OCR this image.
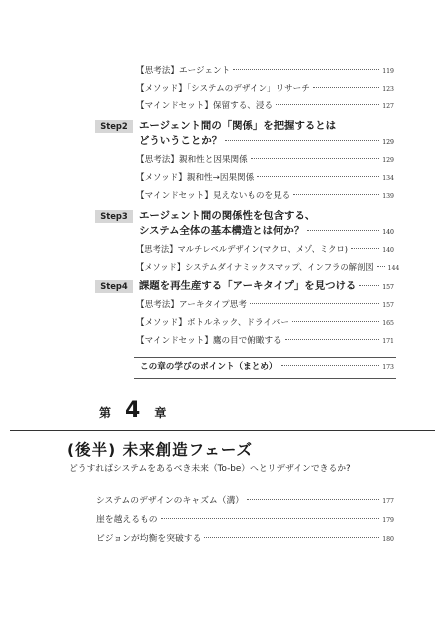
【思考法】エージェント	119
【メソッド】「システムのデザイン」リサーチ	123
【マインドセット】保留する、浸る	127
Step2	エージェント間の「関係」を把握するとは
どういうことか？	129
【思考法】親和性と因果関係	129
【メソッド】親和性→因果関係	134
【マインドセット】見えないものを見る	139
Step3	エージェント間の関係性を包含する、
システム全体の基本構造とは何か？	140
【思考法】マルチレベルデザイン(マクロ、メゾ、ミクロ)	140
【メソッド】システムダイナミックスマップ、インフラの解剖図 144
Step4	課題を再生産する「アーキタイプ」を見つける	157
【思考法】アーキタイプ思考	157
【メソッド】ボトルネック、ドライバー	165
【マインドセット】鷹の目で俯瞰する	171
この章の学びのポイント（まとめ）	173
第 4 章
(後半) 未来創造フェーズ
どうすればシステムをあるべき未来（To-be）へとリデザインできるか?
システムのデザインのキャズム（溝）	177
崖を越えるもの	179
ビジョンが均衡を突破する	180
